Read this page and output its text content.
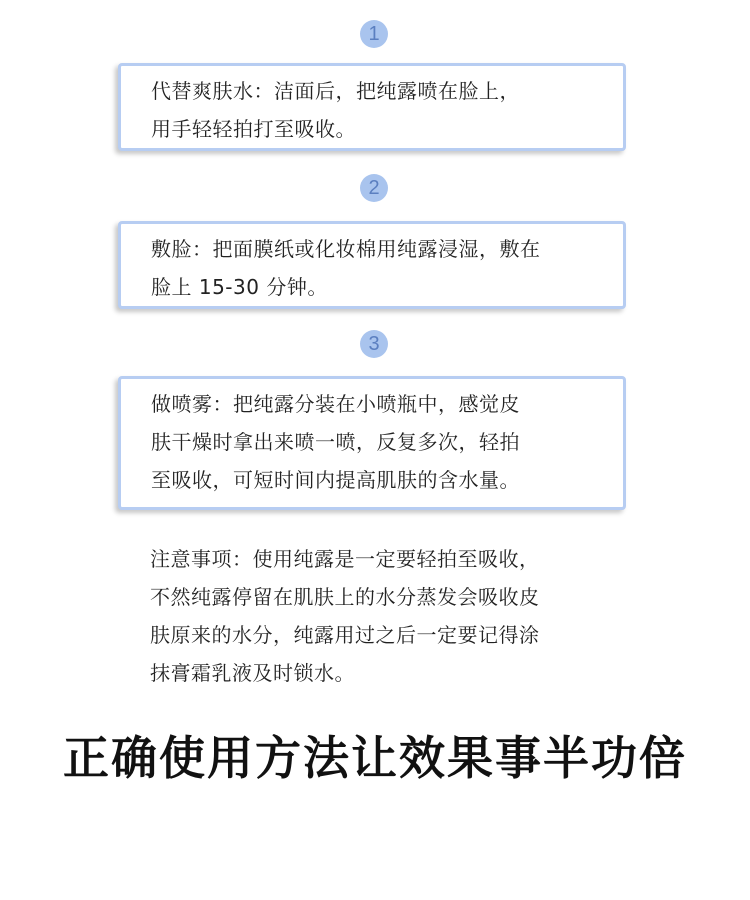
1

代替爽肤水：洁面后，把纯露喷在脸上，

用手轻轻拍打至吸收。

2

敷脸：把面膜纸或化妆棉用纯露浸湿，敷在

脸上 15-30 分钟。

3

做喷雾：把纯露分装在小喷瓶中，感觉皮

肤干燥时拿出来喷一喷，反复多次，轻拍

至吸收，可短时间内提高肌肤的含水量。

注意事项：使用纯露是一定要轻拍至吸收，

不然纯露停留在肌肤上的水分蒸发会吸收皮

肤原来的水分，纯露用过之后一定要记得涂

抹膏霜乳液及时锁水。

正确使用方法让效果事半功倍
